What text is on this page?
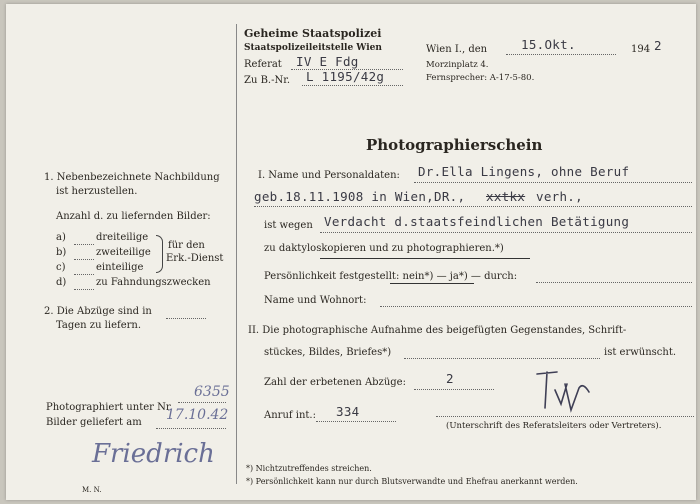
Geheime Staatspolizei
Staatspolizeileitstelle Wien
Referat IV E Fdg
Zu B.-Nr. L 1195/42g
Wien I., den	15.Okt.	194 2
Morzinplatz 4.
Fernsprecher: A-17-5-80.
Photographierschein
1. Nebenbezeichnete Nachbildung
ist herzustellen.
Anzahl d. zu liefernden Bilder:
a)	dreiteilige
b)	zweiteilige
c)	einteilige
d)	zu Fahndungszwecken
für den
Erk.-Dienst
2. Die Abzüge sind in
Tagen zu liefern.
Photographiert unter Nr.
6355
Bilder geliefert am 17.10.42
Friedrich
M. N.
I. Name und Personaldaten: Dr.Ella Lingens, ohne Beruf
geb.18.11.1908 in Wien,DR., xxtkx verh.,
ist wegen Verdacht d.staatsfeindlichen Betätigung
zu daktyloskopieren und zu photographieren.*)
Persönlichkeit festgestellt: nein*) — ja*) — durch:
Name und Wohnort:
II. Die photographische Aufnahme des beigefügten Gegenstandes, Schrift-
stückes, Bildes, Briefes*)	ist erwünscht.
Zahl der erbetenen Abzüge:	2
Anruf int.: 334
(Unterschrift des Referatsleiters oder Vertreters).
*) Nichtzutreffendes streichen.
*) Persönlichkeit kann nur durch Blutsverwandte und Ehefrau anerkannt werden.
